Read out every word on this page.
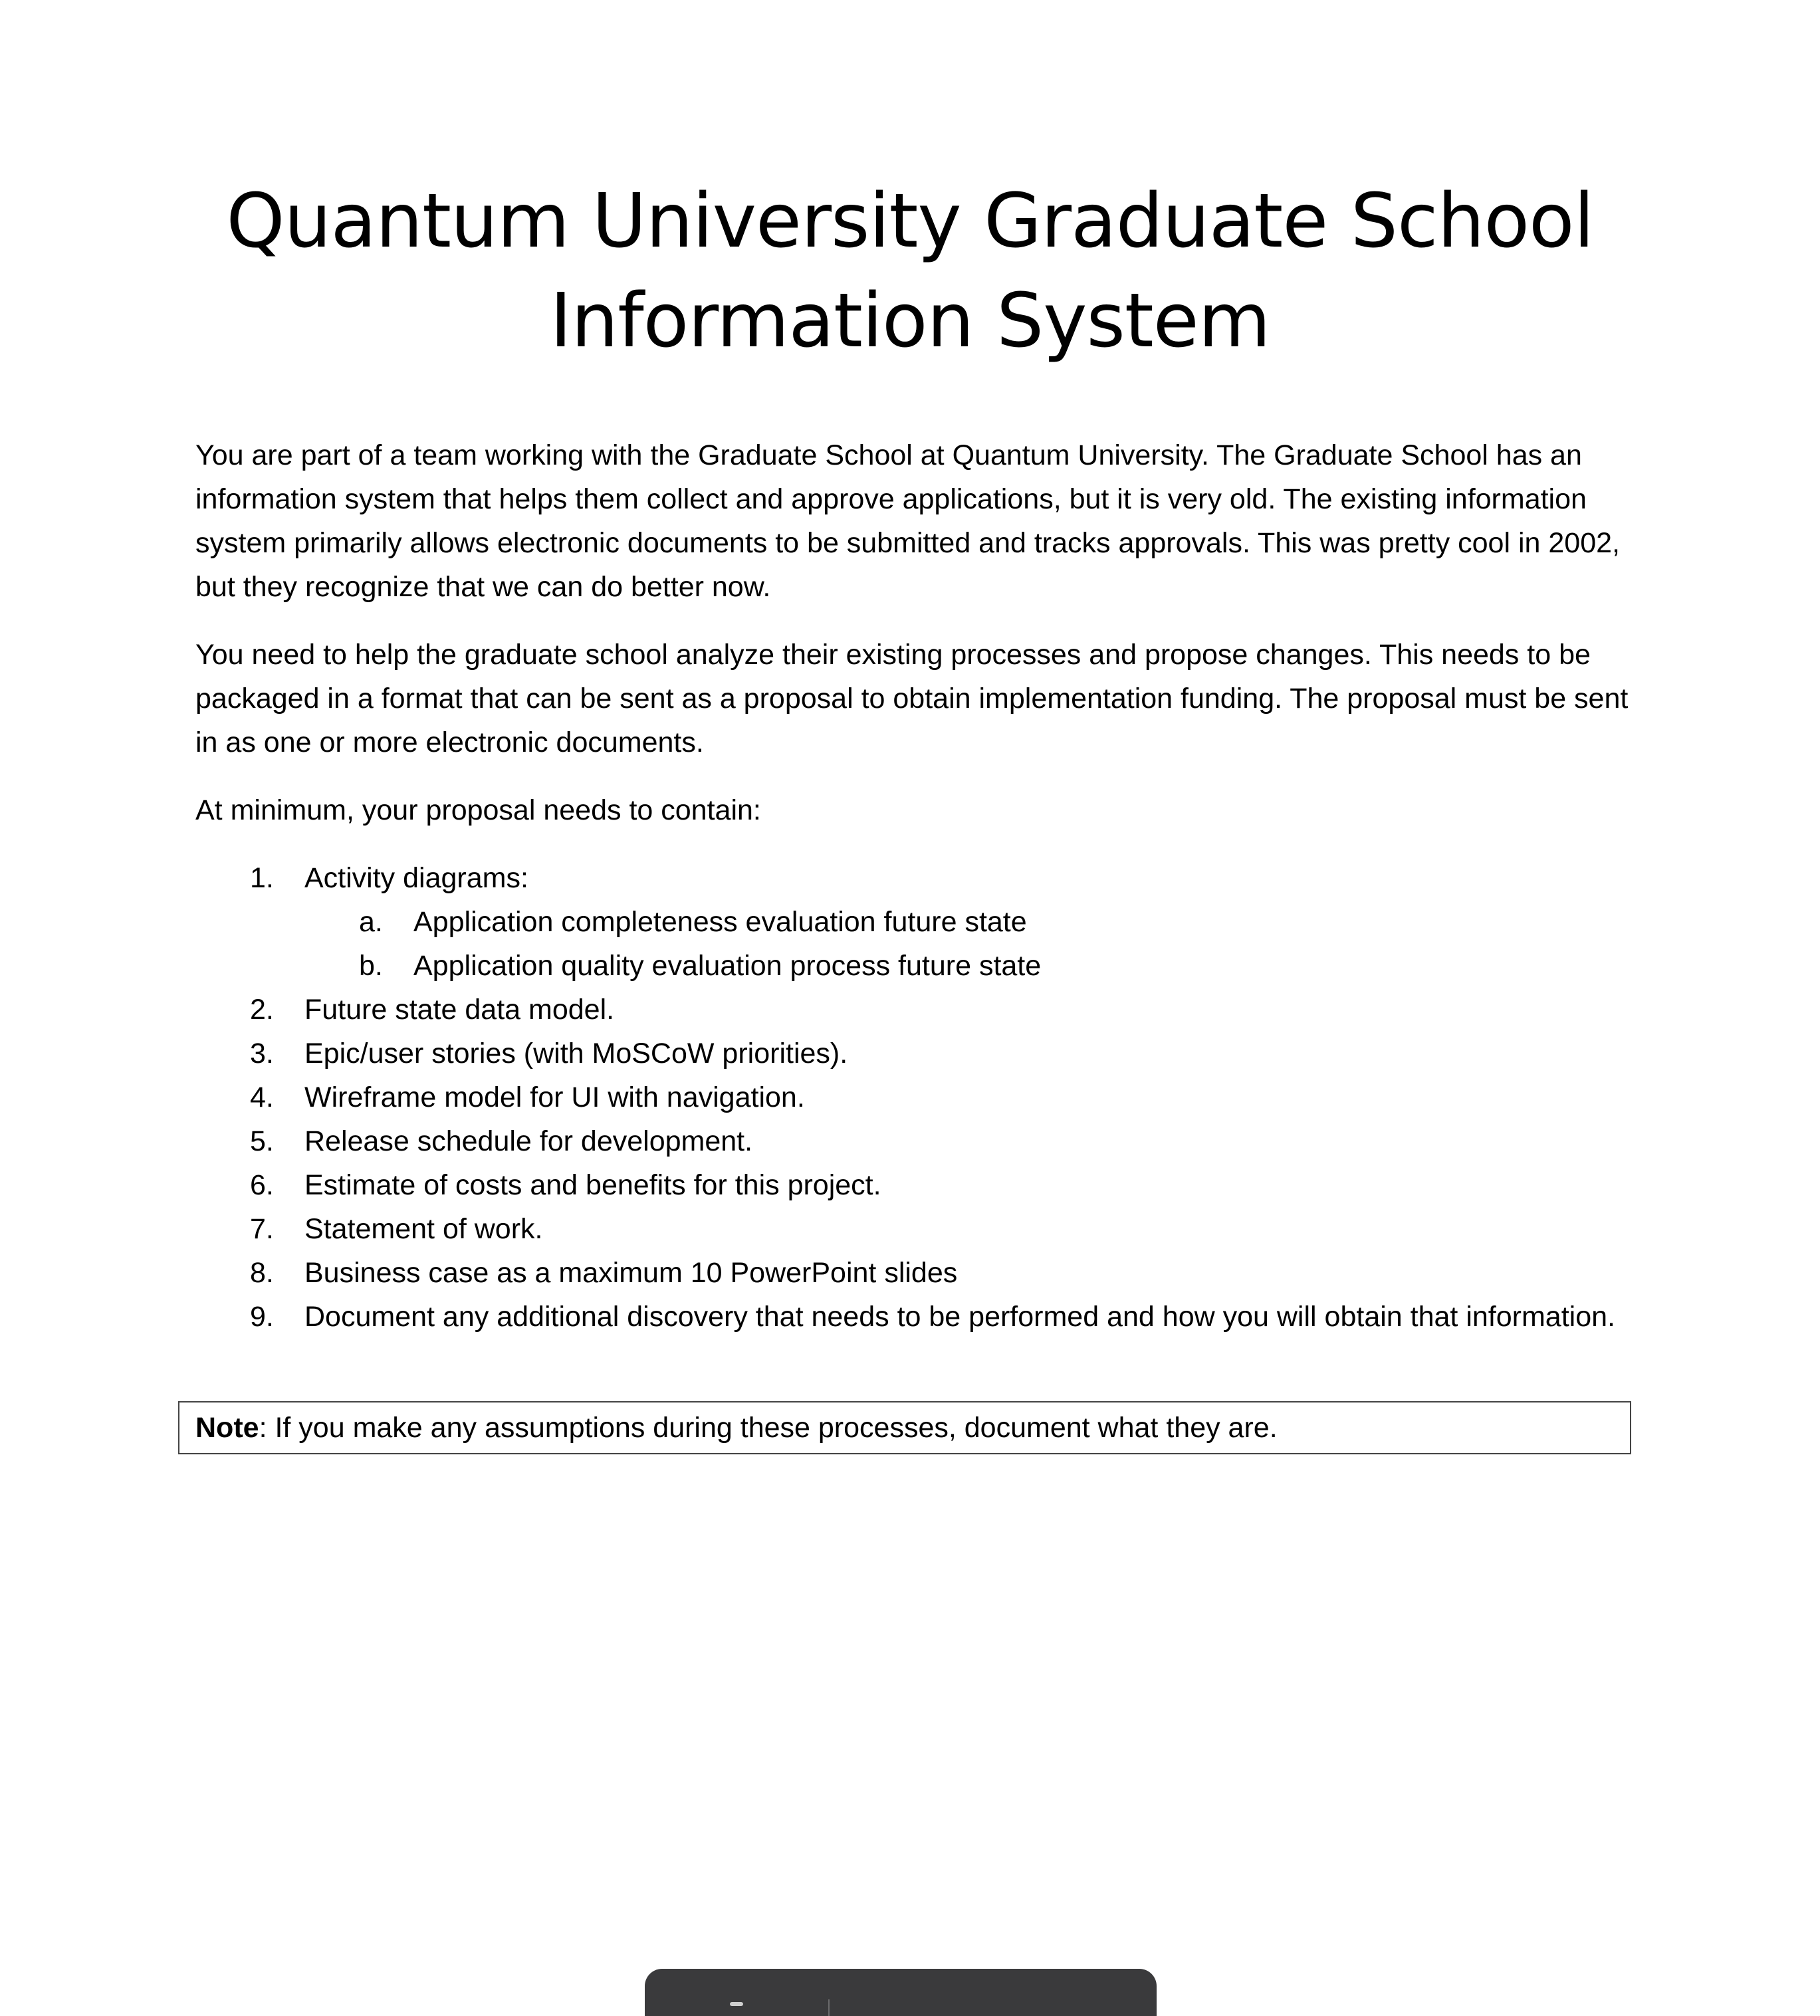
Quantum University Graduate School
Information System

You are part of a team working with the Graduate School at Quantum University. The Graduate School has an information system that helps them collect and approve applications, but it is very old. The existing information system primarily allows electronic documents to be submitted and tracks approvals. This was pretty cool in 2002, but they recognize that we can do better now.

You need to help the graduate school analyze their existing processes and propose changes. This needs to be packaged in a format that can be sent as a proposal to obtain implementation funding. The proposal must be sent in as one or more electronic documents.

At minimum, your proposal needs to contain:

1.	Activity diagrams:
a.	Application completeness evaluation future state
b.	Application quality evaluation process future state
2.	Future state data model.
3.	Epic/user stories (with MoSCoW priorities).
4.	Wireframe model for UI with navigation.
5.	Release schedule for development.
6.	Estimate of costs and benefits for this project.
7.	Statement of work.
8.	Business case as a maximum 10 PowerPoint slides
9.	Document any additional discovery that needs to be performed and how you will obtain that information.
Note: If you make any assumptions during these processes, document what they are.
